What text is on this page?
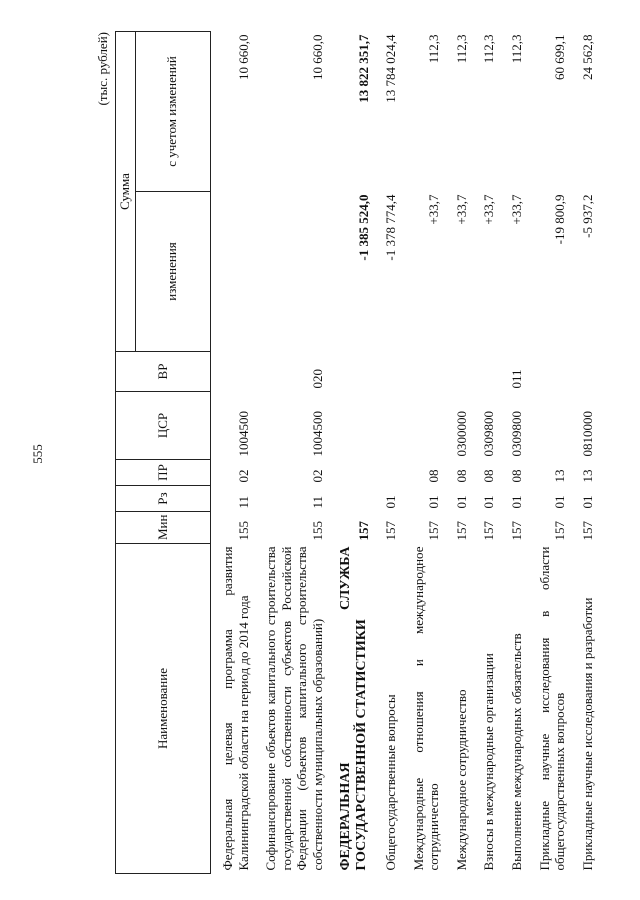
555
(тыс. рублей)
Наименование	Мин	Рз	ПР	ЦСР	ВР	Сумма	
						изменения	с учетом изменений

Федеральная целевая программа развития Калининградской области на период до 2014 года	155	11	02	1004500			10 660,0

Софинансирование объектов капитального строительства государственной собственности субъектов Российской Федерации (объектов капитального строительства собственности муниципальных образований)	155	11	02	1004500	020		10 660,0

ФЕДЕРАЛЬНАЯ СЛУЖБА ГОСУДАРСТВЕННОЙ СТАТИСТИКИ	157					-1 385 524,0	13 822 351,7

Общегосударственные вопросы	157	01				-1 378 774,4	13 784 024,4

Международные отношения и международное сотрудничество	157	01	08			+33,7	112,3

Международное сотрудничество	157	01	08	0300000		+33,7	112,3

Взносы в международные организации	157	01	08	0309800		+33,7	112,3

Выполнение международных обязательств	157	01	08	0309800	011	+33,7	112,3

Прикладные научные исследования в области общегосударственных вопросов	157	01	13			-19 800,9	60 699,1

Прикладные научные исследования и разработки	157	01	13	0810000		-5 937,2	24 562,8
